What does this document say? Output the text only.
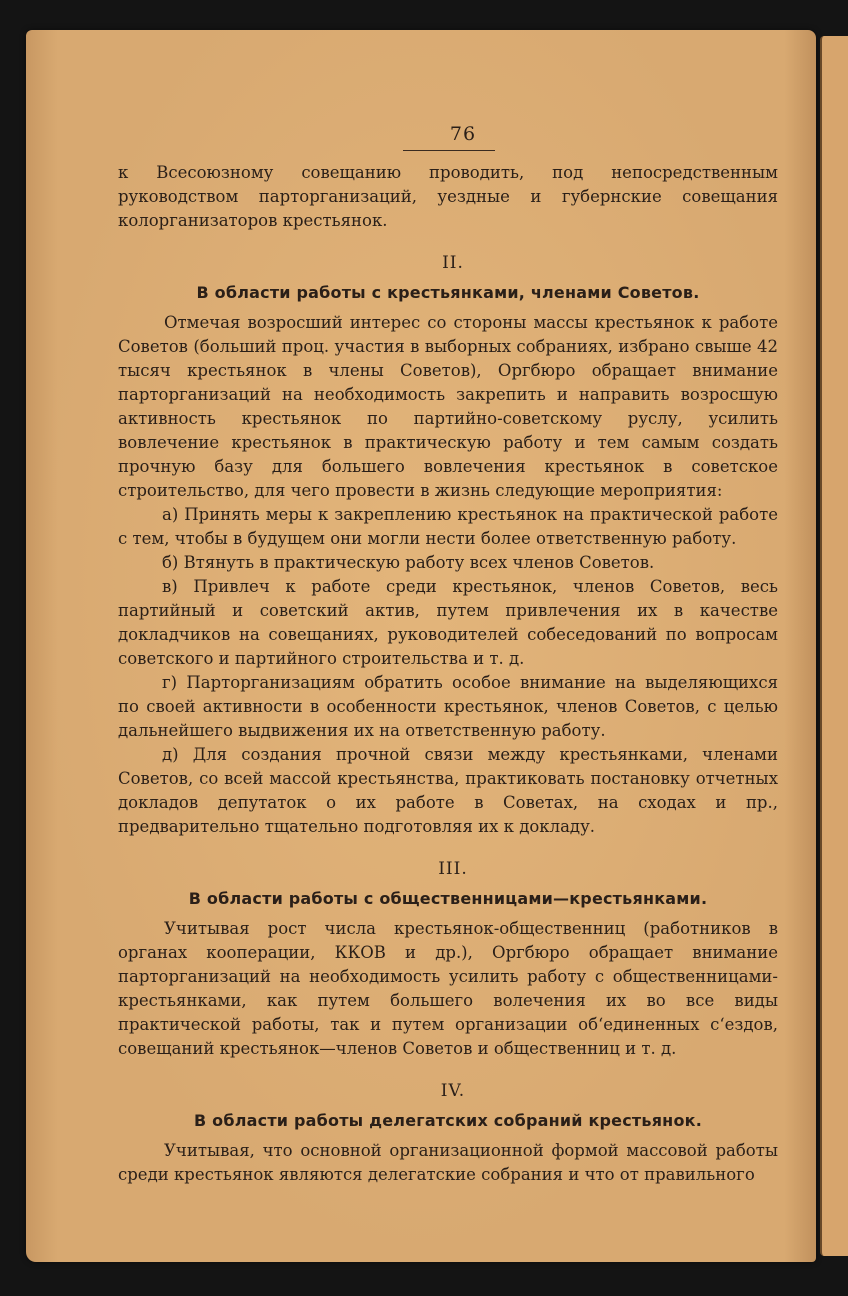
76

к Всесоюзному совещанию проводить, под непосредственным руководством парторганизаций, уездные и губернские совещания колорганизаторов крестьянок.

II.
В области работы с крестьянками, членами Советов.

Отмечая возросший интерес со стороны массы крестьянок к работе Советов (больший проц. участия в выборных собраниях, избрано свыше 42 тысяч крестьянок в члены Советов), Оргбюро обращает внимание парторганизаций на необходимость закрепить и направить возросшую активность крестьянок по партийно-советскому руслу, усилить вовлечение крестьянок в практическую работу и тем самым создать прочную базу для большего вовлечения крестьянок в советское строительство, для чего провести в жизнь следующие мероприятия:

а) Принять меры к закреплению крестьянок на практической работе с тем, чтобы в будущем они могли нести более ответственную работу.

б) Втянуть в практическую работу всех членов Советов.

в) Привлеч к работе среди крестьянок, членов Советов, весь партийный и советский актив, путем привлечения их в качестве докладчиков на совещаниях, руководителей собеседований по вопросам советского и партийного строительства и т. д.

г) Парторганизациям обратить особое внимание на выделяющихся по своей активности в особенности крестьянок, членов Советов, с целью дальнейшего выдвижения их на ответственную работу.

д) Для создания прочной связи между крестьянками, членами Советов, со всей массой крестьянства, практиковать постановку отчетных докладов депутаток о их работе в Советах, на сходах и пр., предварительно тщательно подготовляя их к докладу.

III.
В области работы с общественницами—крестьянками.

Учитывая рост числа крестьянок-общественниц (работников в органах кооперации, ККОВ и др.), Оргбюро обращает внимание парторганизаций на необходимость усилить работу с общественницами-крестьянками, как путем большего волечения их во все виды практической работы, так и путем организации об‘единенных с‘ездов, совещаний крестьянок—членов Советов и общественниц и т. д.

IV.
В области работы делегатских собраний крестьянок.

Учитывая, что основной организационной формой массовой работы среди крестьянок являются делегатские собрания и что от правильного
